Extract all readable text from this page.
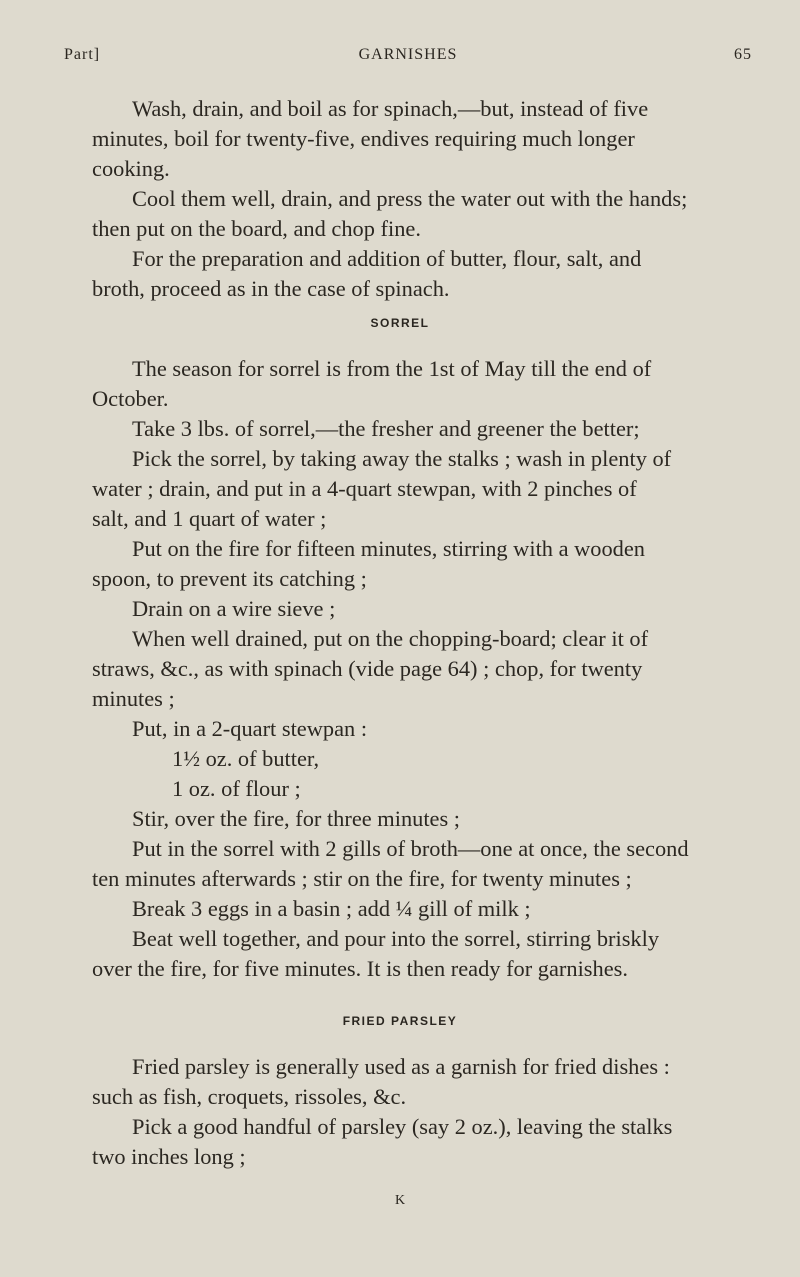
Part]	GARNISHES	65
Wash, drain, and boil as for spinach,—but, instead of five
minutes, boil for twenty-five, endives requiring much longer
cooking.
Cool them well, drain, and press the water out with the hands;
then put on the board, and chop fine.
For the preparation and addition of butter, flour, salt, and
broth, proceed as in the case of spinach.
SORREL
The season for sorrel is from the 1st of May till the end of
October.
Take 3 lbs. of sorrel,—the fresher and greener the better;
Pick the sorrel, by taking away the stalks ; wash in plenty of
water ; drain, and put in a 4-quart stewpan, with 2 pinches of
salt, and 1 quart of water ;
Put on the fire for fifteen minutes, stirring with a wooden
spoon, to prevent its catching ;
Drain on a wire sieve ;
When well drained, put on the chopping-board; clear it of
straws, &c., as with spinach (vide page 64) ; chop, for twenty
minutes ;
Put, in a 2-quart stewpan :
1½ oz. of butter,
1 oz. of flour ;
Stir, over the fire, for three minutes ;
Put in the sorrel with 2 gills of broth—one at once, the second
ten minutes afterwards ; stir on the fire, for twenty minutes ;
Break 3 eggs in a basin ; add ¼ gill of milk ;
Beat well together, and pour into the sorrel, stirring briskly
over the fire, for five minutes. It is then ready for garnishes.
FRIED PARSLEY
Fried parsley is generally used as a garnish for fried dishes :
such as fish, croquets, rissoles, &c.
Pick a good handful of parsley (say 2 oz.), leaving the stalks
two inches long ;
K
